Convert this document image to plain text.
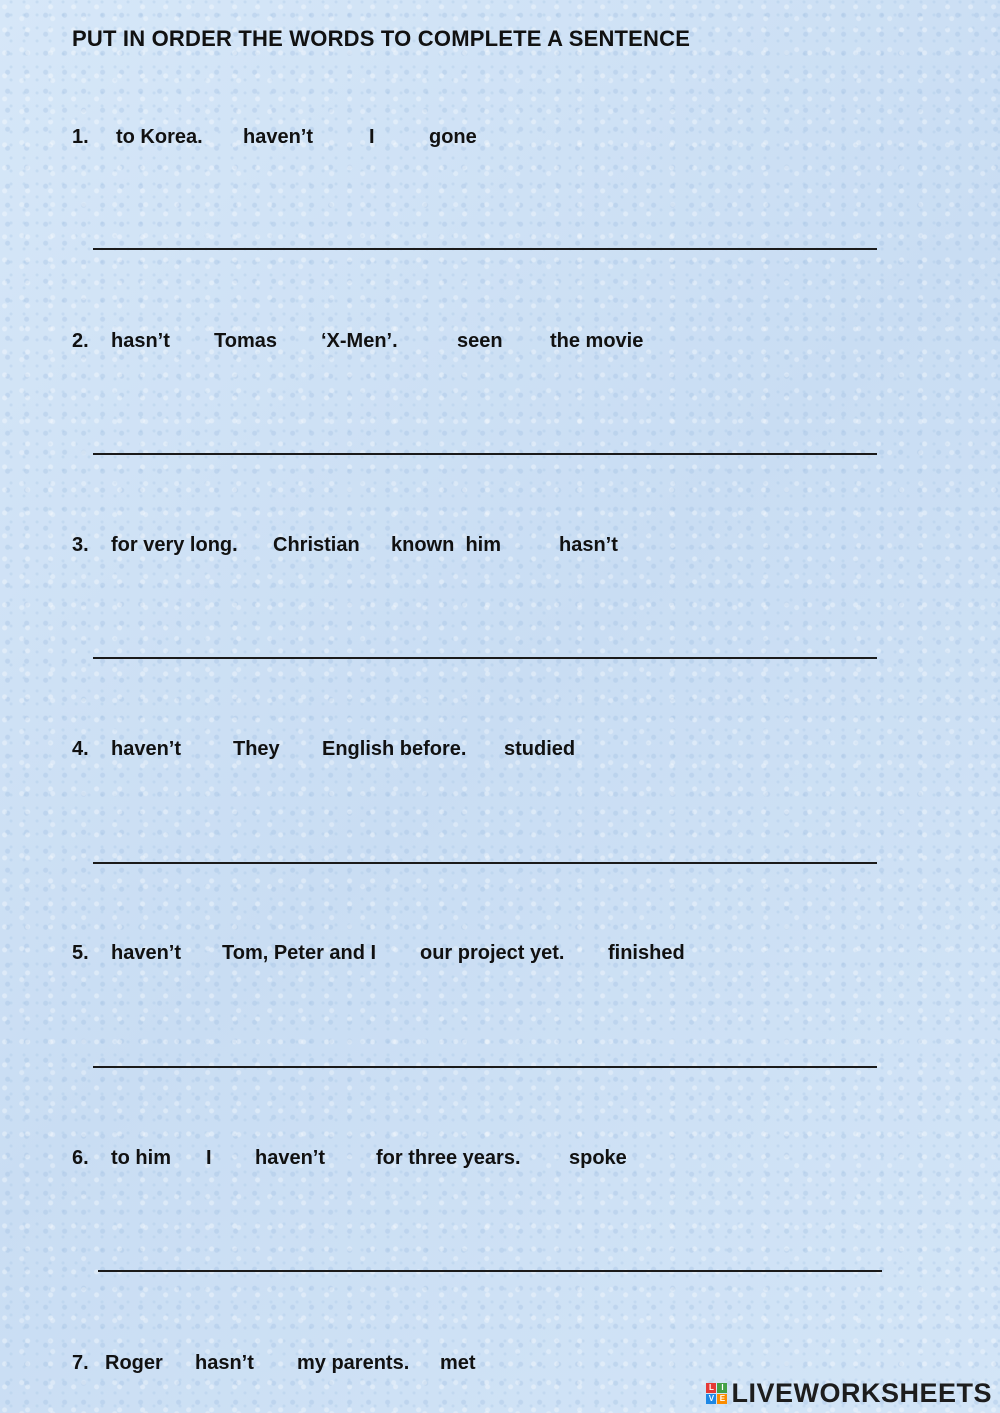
PUT IN ORDER THE WORDS TO COMPLETE A SENTENCE
1. to Korea. haven’t	I	gone
2. hasn’t Tomas ‘X-Men’.	seen the movie
3. for very long. Christian known  him	hasn’t
4. haven’t	They English before. studied
5. haven’t Tom, Peter and I our project yet. finished
6. to him I haven’t	for three years. spoke
7. Roger hasn’t my parents. met
L I
V E LIVEWORKSHEETS
